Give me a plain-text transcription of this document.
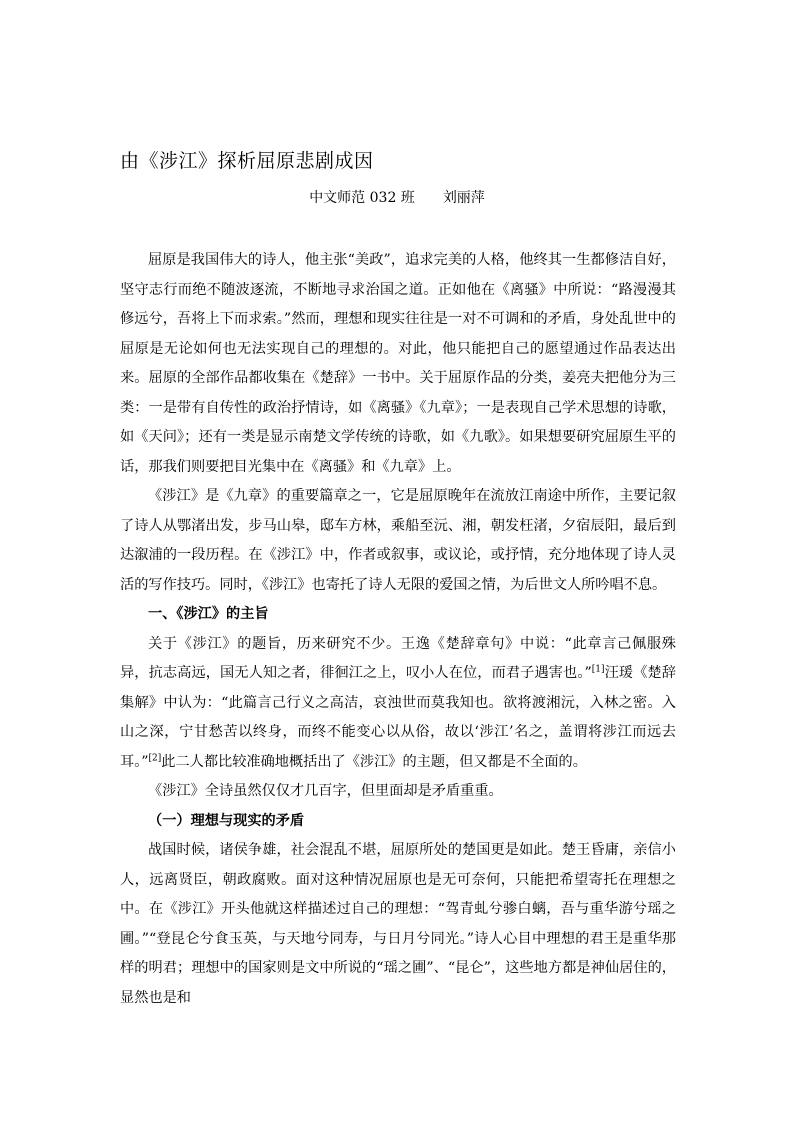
由《涉江》探析屈原悲剧成因
中文师范 032 班 刘丽萍

屈原是我国伟大的诗人，他主张“美政”，追求完美的人格，他终其一生都修洁自好，坚守志行而绝不随波逐流，不断地寻求治国之道。正如他在《离骚》中所说：“路漫漫其修远兮，吾将上下而求索。”然而，理想和现实往往是一对不可调和的矛盾，身处乱世中的屈原是无论如何也无法实现自己的理想的。对此，他只能把自己的愿望通过作品表达出来。屈原的全部作品都收集在《楚辞》一书中。关于屈原作品的分类，姜亮夫把他分为三类：一是带有自传性的政治抒情诗，如《离骚》《九章》；一是表现自己学术思想的诗歌，如《天问》；还有一类是显示南楚文学传统的诗歌，如《九歌》。如果想要研究屈原生平的话，那我们则要把目光集中在《离骚》和《九章》上。

《涉江》是《九章》的重要篇章之一，它是屈原晚年在流放江南途中所作，主要记叙了诗人从鄂渚出发，步马山皋，邸车方林，乘船至沅、湘，朝发枉渚，夕宿辰阳，最后到达溆浦的一段历程。在《涉江》中，作者或叙事，或议论，或抒情，充分地体现了诗人灵活的写作技巧。同时，《涉江》也寄托了诗人无限的爱国之情，为后世文人所吟唱不息。

一、《涉江》的主旨

关于《涉江》的题旨，历来研究不少。王逸《楚辞章句》中说：“此章言己佩服殊异，抗志高远，国无人知之者，徘徊江之上，叹小人在位，而君子遇害也。”[1]汪瑗《楚辞集解》中认为：“此篇言己行义之高洁，哀浊世而莫我知也。欲将渡湘沅，入林之密。入山之深，宁甘愁苦以终身，而终不能变心以从俗，故以‘涉江’名之，盖谓将涉江而远去耳。”[2]此二人都比较准确地概括出了《涉江》的主题，但又都是不全面的。

《涉江》全诗虽然仅仅才几百字，但里面却是矛盾重重。

（一）理想与现实的矛盾

战国时候，诸侯争雄，社会混乱不堪，屈原所处的楚国更是如此。楚王昏庸，亲信小人，远离贤臣，朝政腐败。面对这种情况屈原也是无可奈何，只能把希望寄托在理想之中。在《涉江》开头他就这样描述过自己的理想：“驾青虬兮骖白螭，吾与重华游兮瑶之圃。”“登昆仑兮食玉英，与天地兮同寿，与日月兮同光。”诗人心目中理想的君王是重华那样的明君；理想中的国家则是文中所说的“瑶之圃”、“昆仑”，这些地方都是神仙居住的，显然也是和
